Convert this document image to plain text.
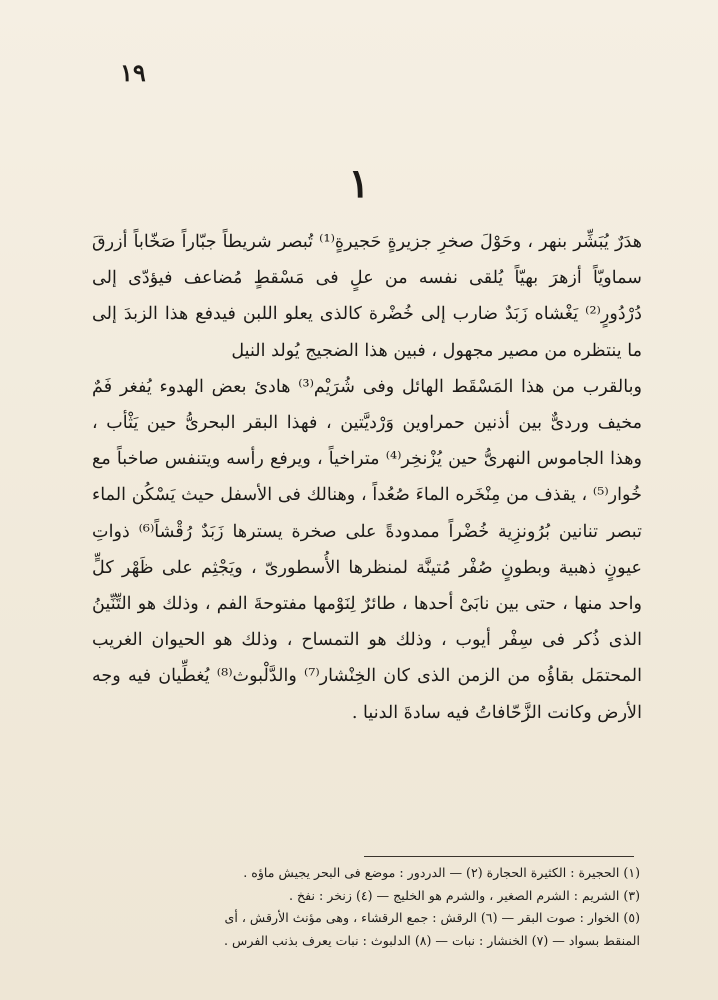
١٩
١

هدَرٌ يُبَشِّر بنهر ، وحَوْلَ صخرِ جزيرةٍ حَجيرةٍ⁽¹⁾ تُبصر شريطاً جبّاراً صَخّاباً أزرقَ سماويّاً أزهرَ بهيّاً يُلقى نفسه من علٍ فى مَسْقطٍ مُضاعف فيؤدّى إلى دُرْدُورٍ⁽²⁾ يَغْشاه زَبَدٌ ضارب إلى خُضْرة كالذى يعلو اللبن فيدفع هذا الزبدَ إلى ما ينتظره من مصير مجهول ، فبين هذا الضجيج يُولد النيل

وبالقرب من هذا المَسْقَط الهائل وفى شُرَيْم⁽³⁾ هادئ بعض الهدوء يُفغر فَمٌ مخيف وردىٌّ بين أذنين حمراوين وَرْديَّتين ، فهذا البقر البحرىُّ حين يَثْأب ، وهذا الجاموس النهرىُّ حين يُزْنخِر⁽⁴⁾ متراخياً ، ويرفع رأسه ويتنفس صاخباً مع خُوار⁽⁵⁾ ، يقذف من مِنْخَره الماءَ صُعُداً ، وهنالك فى الأسفل حيث يَسْكُن الماء تبصر تنانين بُرُونزِية خُضْراً ممدودةً على صخرة يسترها زَبَدٌ رُقْشاً⁽⁶⁾ ذواتِ عيونٍ ذهبية وبطونٍ صُفْر مُتينَّة لمنظرها الأُسطورىّ ، ويَجْثِم على ظَهْر كلٍّ واحد منها ، حتى بين نابَىْ أحدها ، طائرٌ لِنَوْمها مفتوحةَ الفم ، وذلك هو التِّنِّينُ الذى ذُكر فى سِفْر أيوب ، وذلك هو التمساح ، وذلك هو الحيوان الغريب المحتمَل بقاؤُه من الزمن الذى كان الخِنْشار⁽⁷⁾ والدَّلْبوث⁽⁸⁾ يُغطِّيان فيه وجه الأرض وكانت الزَّحّافاتُ فيه سادةَ الدنيا .

(١) الحجيرة : الكثيرة الحجارة (٢) — الدردور : موضع فى البحر يجيش ماؤه .
(٣) الشريم : الشرم الصغير ، والشرم هو الخليج — (٤) زنخر : نفخ .
(٥) الخوار : صوت البقر — (٦) الرقش : جمع الرقشاء ، وهى مؤنث الأرقش ، أى
المنقط بسواد — (٧) الخنشار : نبات — (٨) الدلبوث : نبات يعرف بذنب الفرس .
